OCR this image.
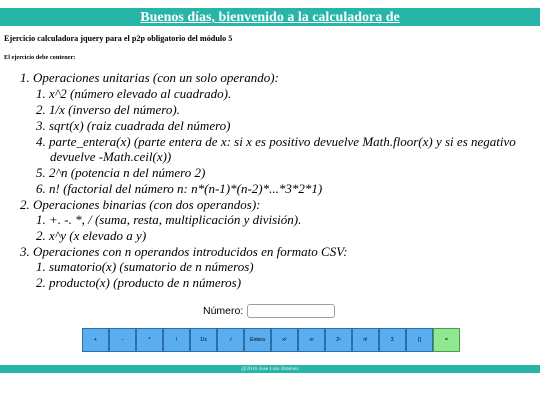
Buenos días, bienvenido a la calculadora de
Ejercicio calculadora jquery para el p2p obligatorio del módulo 5
El ejercicio debe contener:
1. Operaciones unitarias (con un solo operando):
1. x^2 (número elevado al cuadrado).
2. 1/x (inverso del número).
3. sqrt(x) (raiz cuadrada del número)
4. parte_entera(x) (parte entera de x: si x es positivo devuelve Math.floor(x) y si es negativo
devuelve -Math.ceil(x))
5. 2^n (potencia n del número 2)
6. n! (factorial del número n: n*(n-1)*(n-2)*...*3*2*1)
2. Operaciones binarias (con dos operandos):
1. +. -. *, / (suma, resta, multiplicación y división).
2. x^y (x elevado a y)
3. Operaciones con n operandos introducidos en formato CSV:
1. sumatorio(x) (sumatorio de n números)
2. producto(x) (producto de n números)
Número:
+	-	*	/	1/x	√	Entera	x²	xʸ	2ⁿ	n!	Σ	∏	=
@2016 Jose Luis Jiménez
